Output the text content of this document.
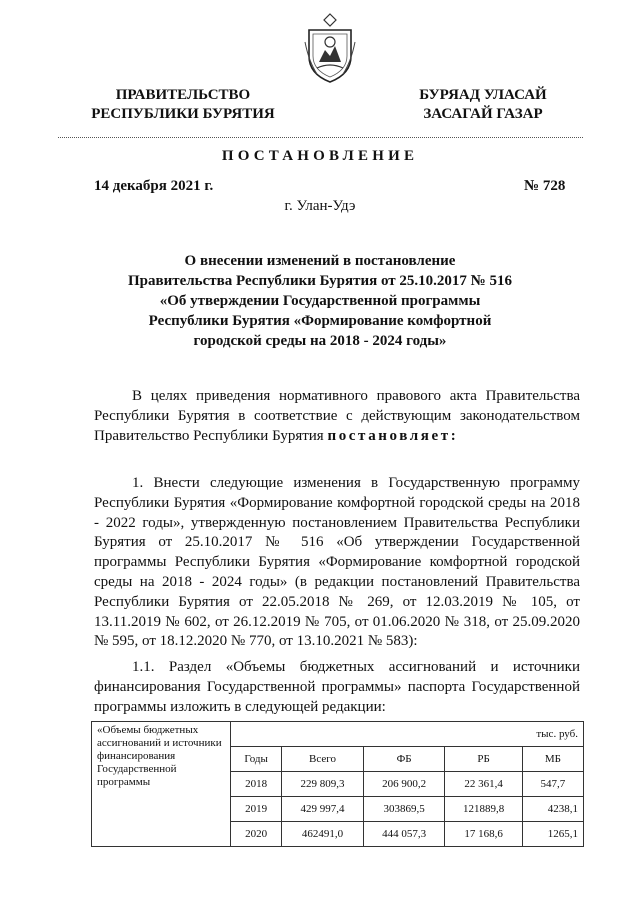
ПРАВИТЕЛЬСТВО
РЕСПУБЛИКИ БУРЯТИЯ
БУРЯАД УЛАСАЙ
ЗАСАГАЙ ГАЗАР
ПОСТАНОВЛЕНИЕ
14 декабря 2021 г.	№ 728
г. Улан-Удэ
О внесении изменений в постановление
Правительства Республики Бурятия от 25.10.2017 № 516
«Об утверждении Государственной программы
Республики Бурятия «Формирование комфортной
городской среды на 2018 - 2024 годы»
В целях приведения нормативного правового акта Правительства Республики Бурятия в соответствие с действующим законодательством Правительство Республики Бурятия постановляет:
1. Внести следующие изменения в Государственную программу Республики Бурятия «Формирование комфортной городской среды на 2018 - 2022 годы», утвержденную постановлением Правительства Республики Бурятия от 25.10.2017 № 516 «Об утверждении Государственной программы Республики Бурятия «Формирование комфортной городской среды на 2018 - 2024 годы» (в редакции постановлений Правительства Республики Бурятия от 22.05.2018 № 269, от 12.03.2019 № 105, от 13.11.2019 № 602, от 26.12.2019 № 705, от 01.06.2020 № 318, от 25.09.2020 № 595, от 18.12.2020 № 770, от 13.10.2021 № 583):
1.1. Раздел «Объемы бюджетных ассигнований и источники финансирования Государственной программы» паспорта Государственной программы изложить в следующей редакции:
«Объемы бюджетных ассигнований и источники финансирования Государственной программы	тыс. руб.				
	Годы	Всего	ФБ	РБ	МБ
	2018	229 809,3	206 900,2	22 361,4	547,7
	2019	429 997,4	303869,5	121889,8	4238,1
	2020	462491,0	444 057,3	17 168,6	1265,1
